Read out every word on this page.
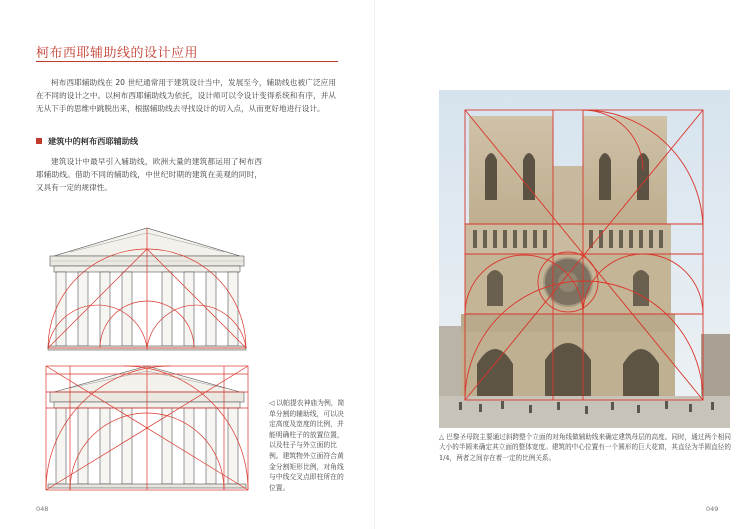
柯布西耶辅助线的设计应用
柯布西耶辅助线在 20 世纪通常用于建筑设计当中，发展至今，辅助线也被广泛应用在不同的设计之中。以柯布西耶辅助线为依托，设计师可以令设计变得系统和有序，并从无从下手的思维中跳脱出来，根据辅助线去寻找设计的切入点，从而更好地进行设计。
建筑中的柯布西耶辅助线
建筑设计中最早引入辅助线，欧洲大量的建筑都运用了柯布西耶辅助线。借助不同的辅助线，中世纪时期的建筑在美观的同时，又具有一定的规律性。
◁ 以帕提农神庙为例，简单分割的辅助线，可以决定高度及宽度的比例，并能明确柱子的放置位置，以及柱子与外立面的比例。建筑物外立面符合黄金分割矩形比例，对角线与中线交叉点即柱所在的位置。
048
△ 巴黎圣母院主要通过斜跨整个立面的对角线做辅助线来确定建筑母层的高度。同时，通过两个相同大小的半圆来确定其立面的整体宽度。建筑的中心位置有一个圆形的巨大花窗，其直径为半圆直径的 1/4，两者之间存在着一定的比例关系。
049
